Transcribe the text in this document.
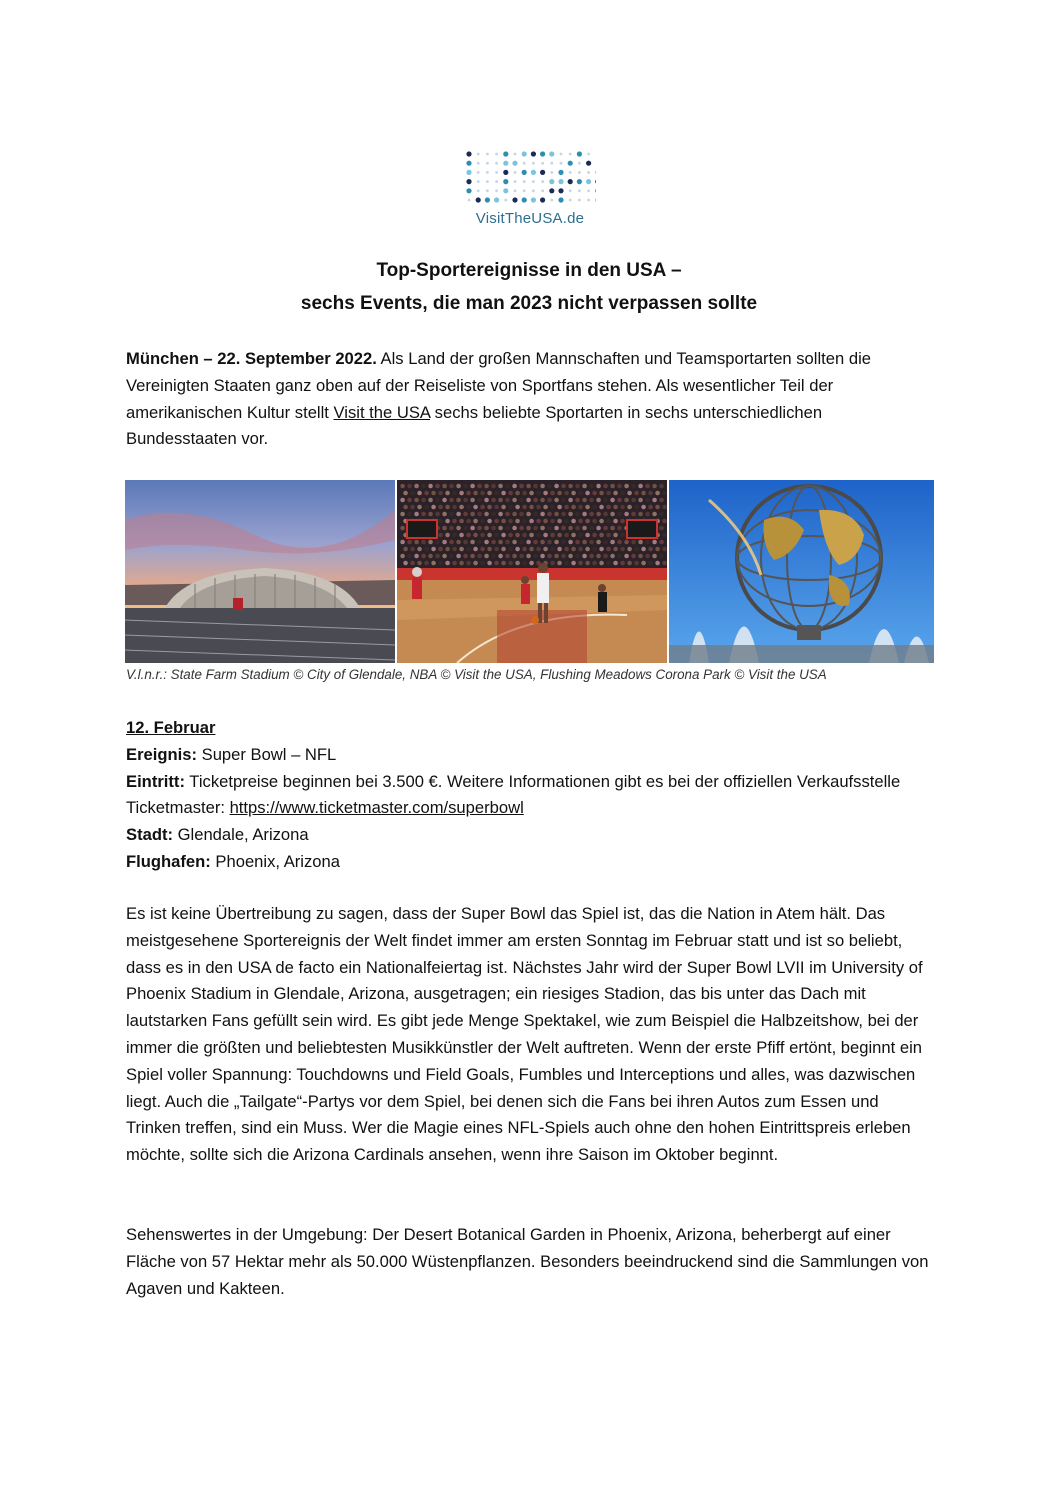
VisitTheUSA.de
Top-Sportereignisse in den USA –
sechs Events, die man 2023 nicht verpassen sollte
München – 22. September 2022. Als Land der großen Mannschaften und Teamsportarten sollten die Vereinigten Staaten ganz oben auf der Reiseliste von Sportfans stehen. Als wesentlicher Teil der amerikanischen Kultur stellt Visit the USA sechs beliebte Sportarten in sechs unterschiedlichen Bundesstaaten vor.
V.l.n.r.: State Farm Stadium © City of Glendale, NBA © Visit the USA, Flushing Meadows Corona Park © Visit the USA
12. Februar
Ereignis: Super Bowl – NFL
Eintritt: Ticketpreise beginnen bei 3.500 €. Weitere Informationen gibt es bei der offiziellen Verkaufsstelle Ticketmaster: https://www.ticketmaster.com/superbowl
Stadt: Glendale, Arizona
Flughafen: Phoenix, Arizona
Es ist keine Übertreibung zu sagen, dass der Super Bowl das Spiel ist, das die Nation in Atem hält. Das meistgesehene Sportereignis der Welt findet immer am ersten Sonntag im Februar statt und ist so beliebt, dass es in den USA de facto ein Nationalfeiertag ist. Nächstes Jahr wird der Super Bowl LVII im University of Phoenix Stadium in Glendale, Arizona, ausgetragen; ein riesiges Stadion, das bis unter das Dach mit lautstarken Fans gefüllt sein wird. Es gibt jede Menge Spektakel, wie zum Beispiel die Halbzeitshow, bei der immer die größten und beliebtesten Musikkünstler der Welt auftreten. Wenn der erste Pfiff ertönt, beginnt ein Spiel voller Spannung: Touchdowns und Field Goals, Fumbles und Interceptions und alles, was dazwischen liegt. Auch die „Tailgate“-Partys vor dem Spiel, bei denen sich die Fans bei ihren Autos zum Essen und Trinken treffen, sind ein Muss. Wer die Magie eines NFL-Spiels auch ohne den hohen Eintrittspreis erleben möchte, sollte sich die Arizona Cardinals ansehen, wenn ihre Saison im Oktober beginnt.
Sehenswertes in der Umgebung: Der Desert Botanical Garden in Phoenix, Arizona, beherbergt auf einer Fläche von 57 Hektar mehr als 50.000 Wüstenpflanzen. Besonders beeindruckend sind die Sammlungen von Agaven und Kakteen.
